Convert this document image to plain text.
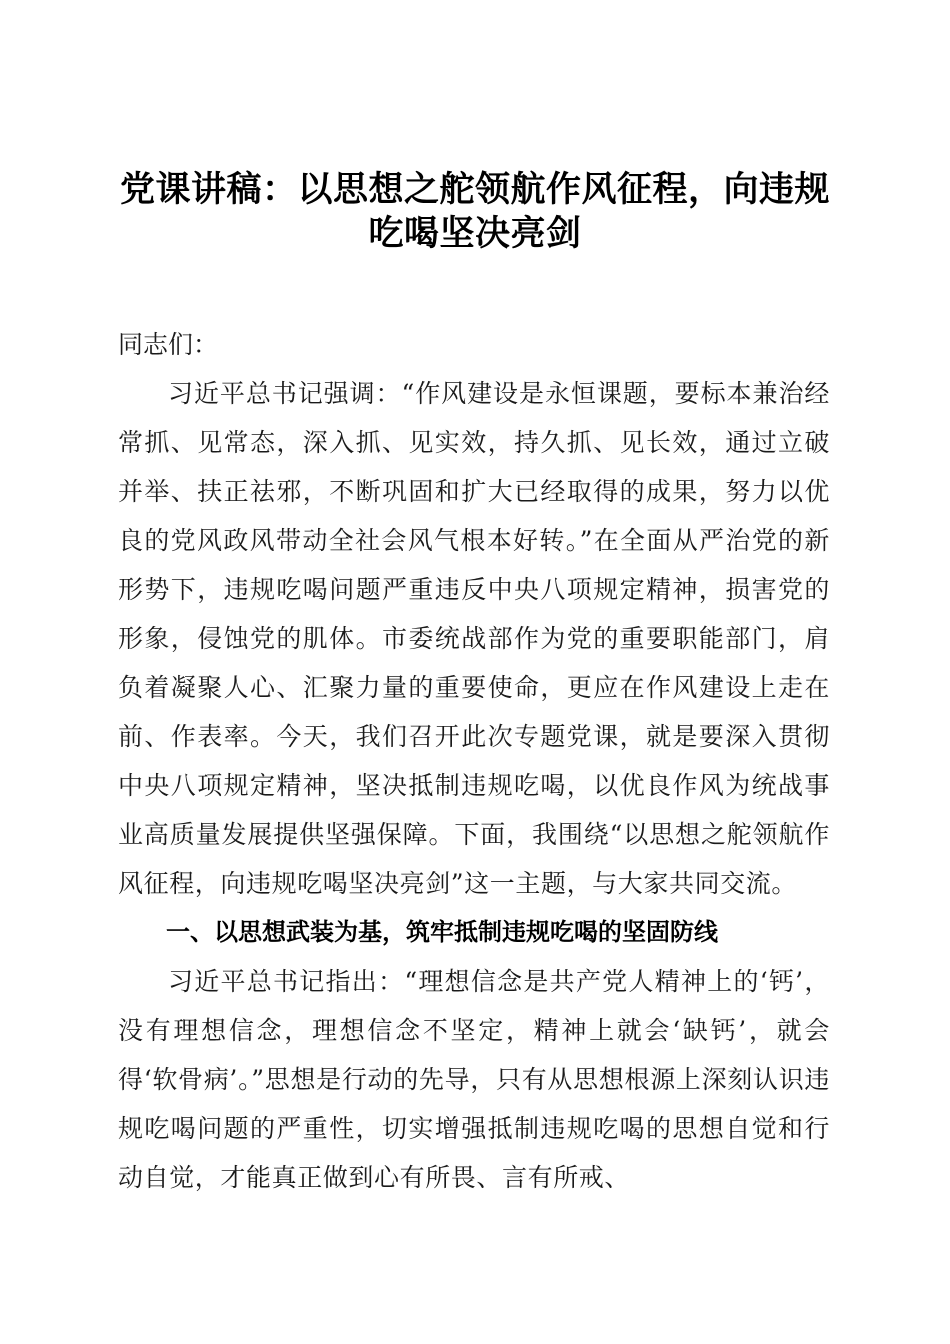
党课讲稿：以思想之舵领航作风征程，向违规
吃喝坚决亮剑

同志们：

习近平总书记强调：“作风建设是永恒课题，要标本兼治经常抓、见常态，深入抓、见实效，持久抓、见长效，通过立破并举、扶正祛邪，不断巩固和扩大已经取得的成果，努力以优良的党风政风带动全社会风气根本好转。”在全面从严治党的新形势下，违规吃喝问题严重违反中央八项规定精神，损害党的形象，侵蚀党的肌体。市委统战部作为党的重要职能部门，肩负着凝聚人心、汇聚力量的重要使命，更应在作风建设上走在前、作表率。今天，我们召开此次专题党课，就是要深入贯彻中央八项规定精神，坚决抵制违规吃喝，以优良作风为统战事业高质量发展提供坚强保障。下面，我围绕“以思想之舵领航作风征程，向违规吃喝坚决亮剑”这一主题，与大家共同交流。

一、以思想武装为基，筑牢抵制违规吃喝的坚固防线

习近平总书记指出：“理想信念是共产党人精神上的‘钙’，没有理想信念，理想信念不坚定，精神上就会‘缺钙’，就会得‘软骨病’。”思想是行动的先导，只有从思想根源上深刻认识违规吃喝问题的严重性，切实增强抵制违规吃喝的思想自觉和行动自觉，才能真正做到心有所畏、言有所戒、
